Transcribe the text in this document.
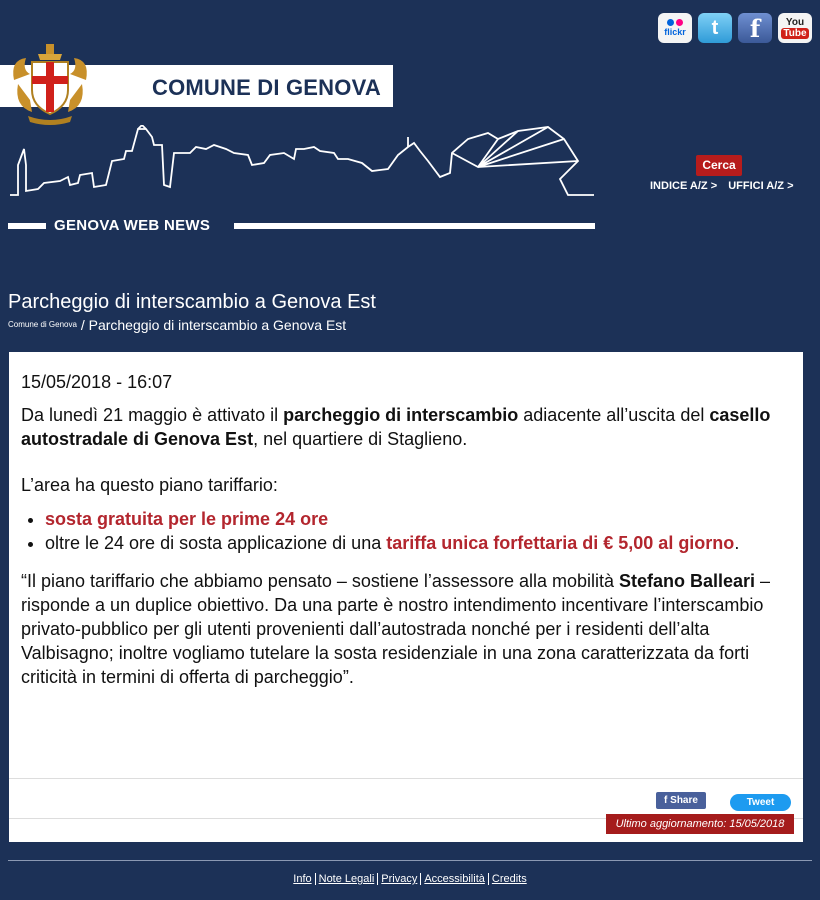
flickr t f	You
Tube
COMUNE DI GENOVA
GENOVA WEB NEWS
Cerca
INDICE A/Z > UFFICI A/Z >
Parcheggio di interscambio a Genova Est
$^{Comune di Genova}$ / Parcheggio di interscambio a Genova Est
15/05/2018 - 16:07

Da lunedì 21 maggio è attivato il parcheggio di interscambio adiacente all’uscita del casello autostradale di Genova Est, nel quartiere di Staglieno.

L’area ha questo piano tariffario:

• sosta gratuita per le prime 24 ore
• oltre le 24 ore di sosta applicazione di una tariffa unica forfettaria di € 5,00 al giorno.

“Il piano tariffario che abbiamo pensato – sostiene l’assessore alla mobilità Stefano Balleari – risponde a un duplice obiettivo. Da una parte è nostro intendimento incentivare l’interscambio privato-pubblico per gli utenti provenienti dall’autostrada nonché per i residenti dell’alta Valbisagno; inoltre vogliamo tutelare la sosta residenziale in una zona caratterizzata da forti criticità in termini di offerta di parcheggio”.

f Share	Tweet
Ultimo aggiornamento: 15/05/2018
Info Note Legali Privacy Accessibilità Credits
